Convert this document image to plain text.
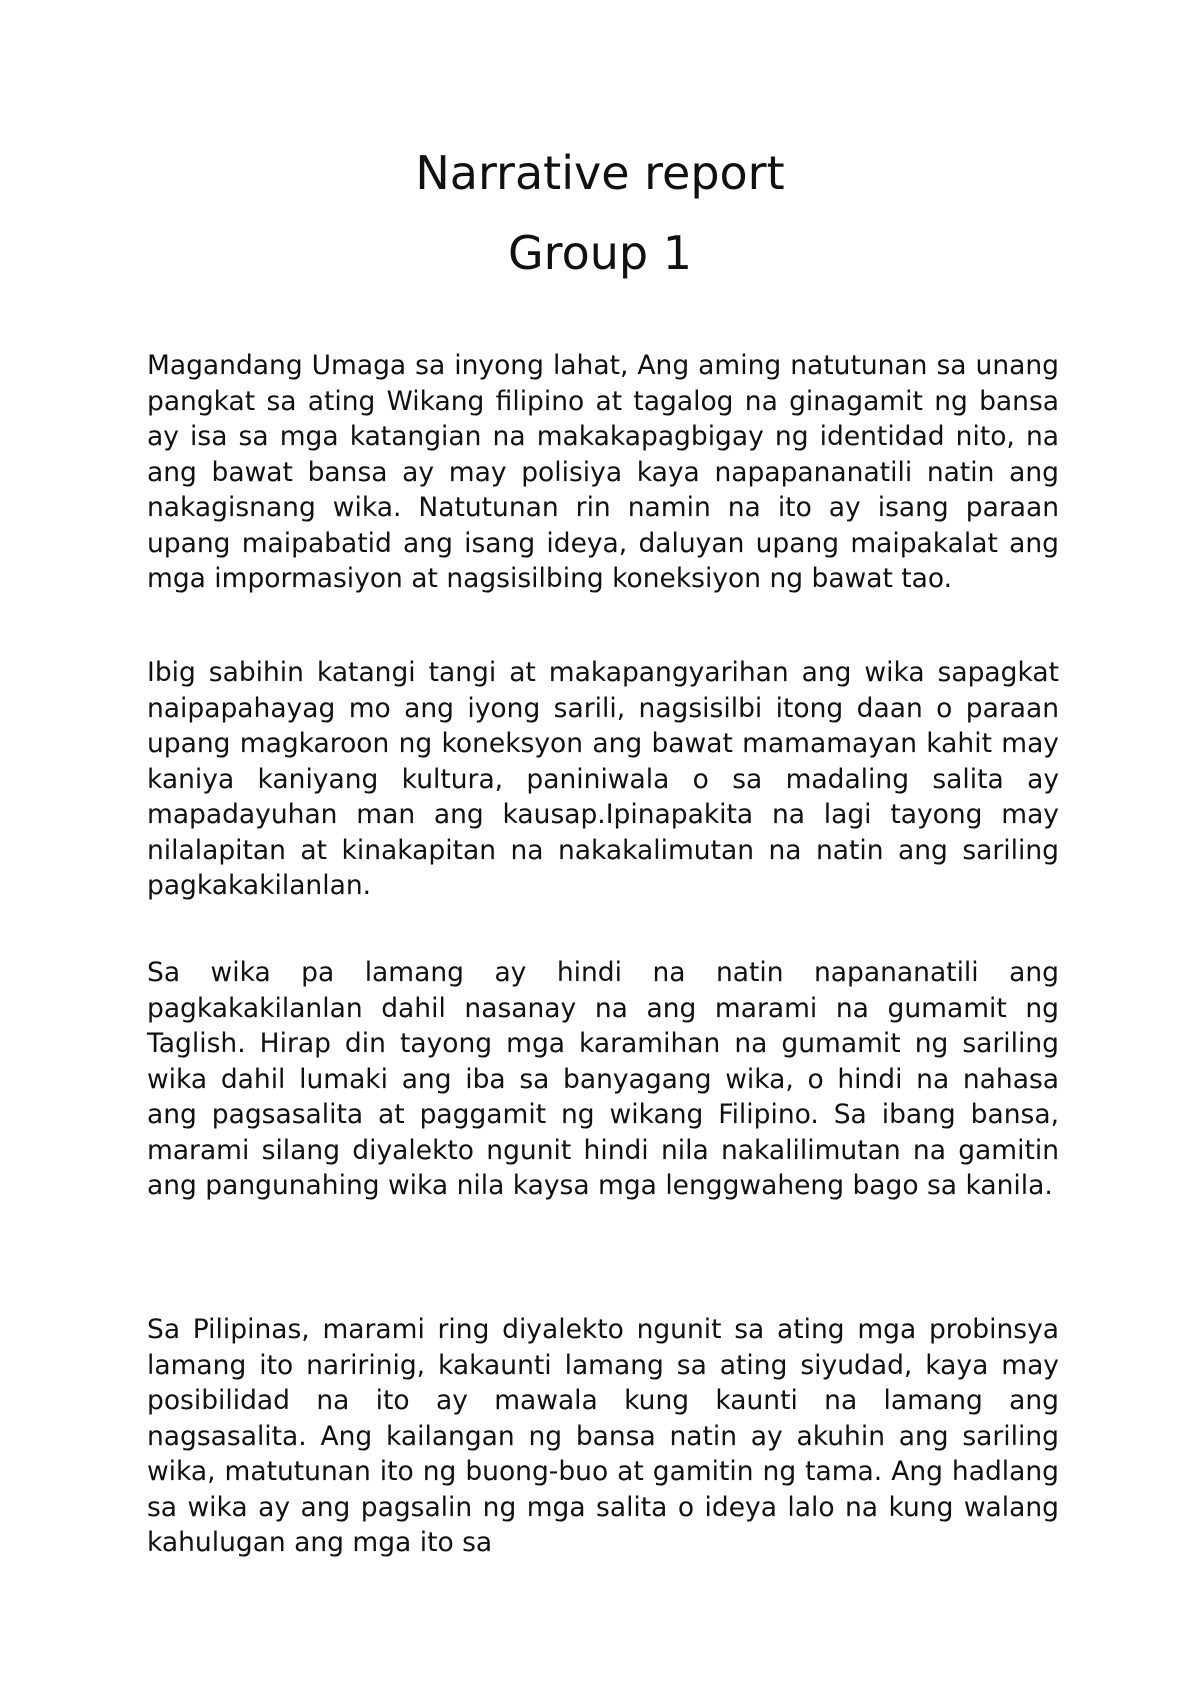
Narrative report
Group 1

Magandang Umaga sa inyong lahat, Ang aming natutunan sa unang pangkat sa ating Wikang filipino at tagalog na ginagamit ng bansa ay isa sa mga katangian na makakapagbigay ng identidad nito, na ang bawat bansa ay may polisiya kaya napapananatili natin ang nakagisnang wika. Natutunan rin namin na ito ay isang paraan upang maipabatid ang isang ideya, daluyan upang maipakalat ang mga impormasiyon at nagsisilbing koneksiyon ng bawat tao.

Ibig sabihin katangi tangi at makapangyarihan ang wika sapagkat naipapahayag mo ang iyong sarili, nagsisilbi itong daan o paraan upang magkaroon ng koneksyon ang bawat mamamayan kahit may kaniya kaniyang kultura, paniniwala o sa madaling salita ay mapadayuhan man ang kausap.Ipinapakita na lagi tayong may nilalapitan at kinakapitan na nakakalimutan na natin ang sariling pagkakakilanlan.

Sa wika pa lamang ay hindi na natin napananatili ang pagkakakilanlan dahil nasanay na ang marami na gumamit ng Taglish. Hirap din tayong mga karamihan na gumamit ng sariling wika dahil lumaki ang iba sa banyagang wika, o hindi na nahasa ang pagsasalita at paggamit ng wikang Filipino. Sa ibang bansa, marami silang diyalekto ngunit hindi nila nakalilimutan na gamitin ang pangunahing wika nila kaysa mga lenggwaheng bago sa kanila.

Sa Pilipinas, marami ring diyalekto ngunit sa ating mga probinsya lamang ito naririnig, kakaunti lamang sa ating siyudad, kaya may posibilidad na ito ay mawala kung kaunti na lamang ang nagsasalita. Ang kailangan ng bansa natin ay akuhin ang sariling wika, matutunan ito ng buong-buo at gamitin ng tama. Ang hadlang sa wika ay ang pagsalin ng mga salita o ideya lalo na kung walang kahulugan ang mga ito sa
